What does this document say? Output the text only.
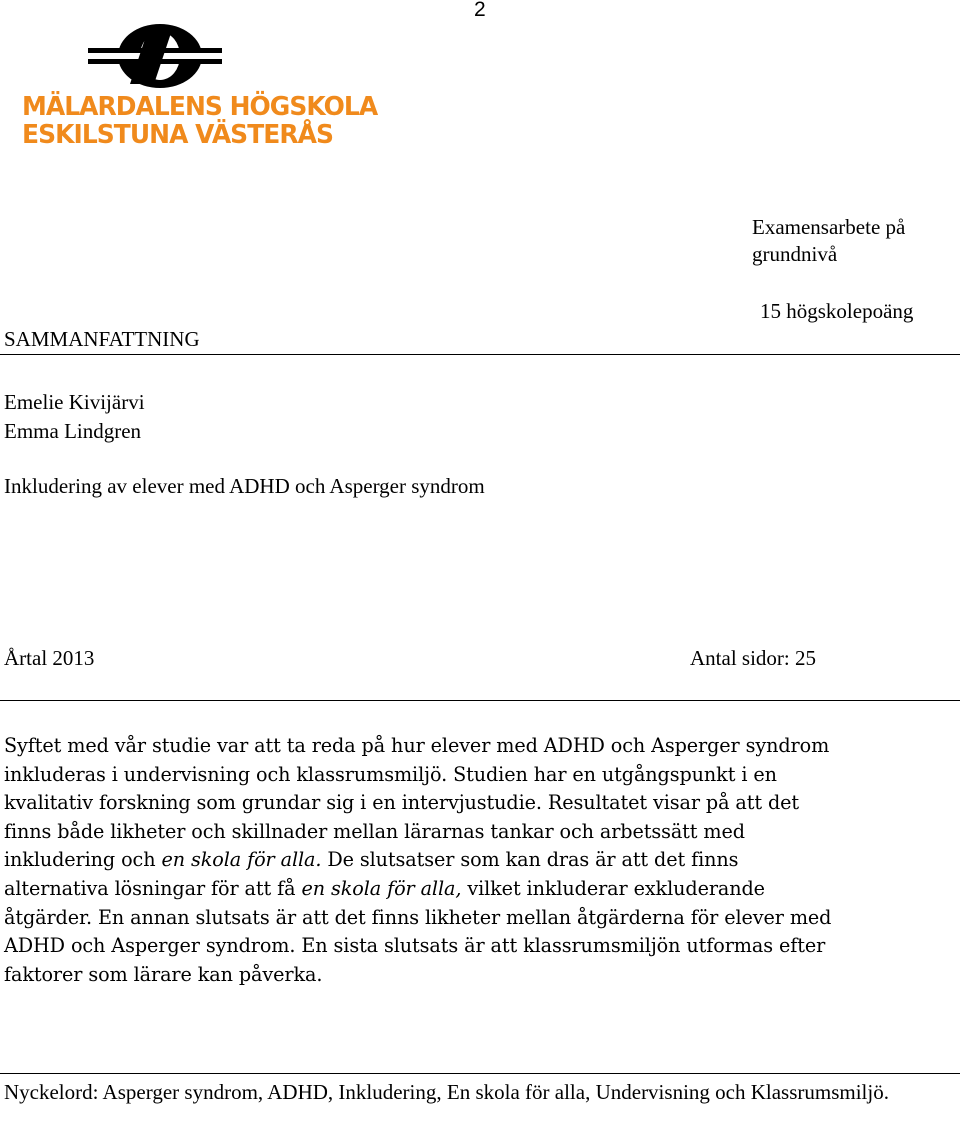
2
MÄLARDALENS HÖGSKOLA
ESKILSTUNA VÄSTERÅS
Examensarbete på grundnivå
15 högskolepoäng
SAMMANFATTNING
Emelie Kivijärvi
Emma Lindgren
Inkludering av elever med ADHD och Asperger syndrom
Årtal 2013	Antal sidor: 25
Syftet med vår studie var att ta reda på hur elever med ADHD och Asperger syndrom
inkluderas i undervisning och klassrumsmiljö. Studien har en utgångspunkt i en
kvalitativ forskning som grundar sig i en intervjustudie. Resultatet visar på att det
finns både likheter och skillnader mellan lärarnas tankar och arbetssätt med
inkludering och en skola för alla. De slutsatser som kan dras är att det finns
alternativa lösningar för att få en skola för alla, vilket inkluderar exkluderande
åtgärder. En annan slutsats är att det finns likheter mellan åtgärderna för elever med
ADHD och Asperger syndrom. En sista slutsats är att klassrumsmiljön utformas efter
faktorer som lärare kan påverka.
Nyckelord: Asperger syndrom, ADHD, Inkludering, En skola för alla, Undervisning och Klassrumsmiljö.
